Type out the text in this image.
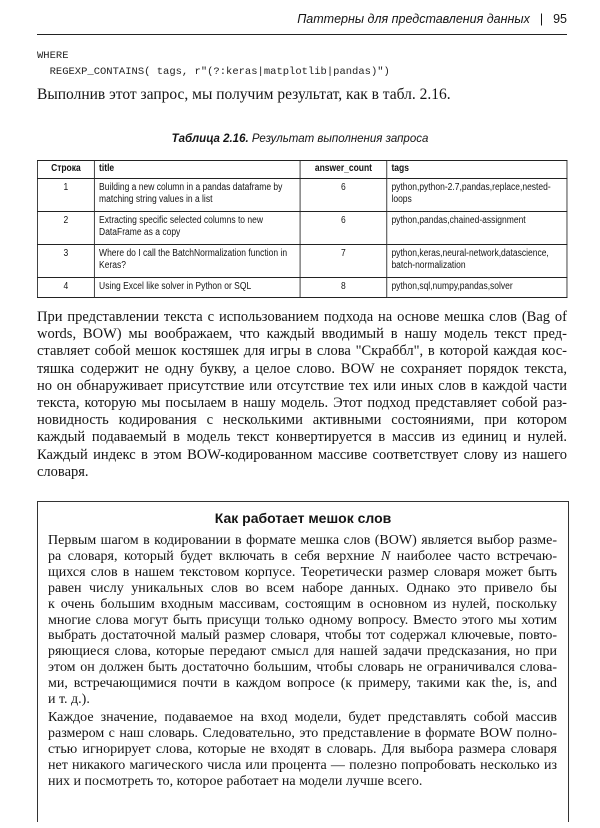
Паттерны для представления данных | 95
WHERE
REGEXP_CONTAINS( tags, r"(?:keras|matplotlib|pandas)")
Выполнив этот запрос, мы получим результат, как в табл. 2.16.
Таблица 2.16. Результат выполнения запроса
Строка	title	answer_count	tags
1	Building a new column in a pandas dataframe by matching string values in a list	6	python,python-2.7,pandas,replace,nested-loops
2	Extracting specific selected columns to new DataFrame as a copy	6	python,pandas,chained-assignment
3	Where do I call the BatchNormalization function in Keras?	7	python,keras,neural-network,datascience, batch-normalization
4	Using Excel like solver in Python or SQL	8	python,sql,numpy,pandas,solver
При представлении текста с использованием подхода на основе мешка слов (Bag of
words, BOW) мы воображаем, что каждый вводимый в нашу модель текст пред-
ставляет собой мешок костяшек для игры в слова "Скраббл", в которой каждая кос-
тяшка содержит не одну букву, а целое слово. BOW не сохраняет порядок текста,
но он обнаруживает присутствие или отсутствие тех или иных слов в каждой части
текста, которую мы посылаем в нашу модель. Этот подход представляет собой раз-
новидность кодирования с несколькими активными состояниями, при котором
каждый подаваемый в модель текст конвертируется в массив из единиц и нулей.
Каждый индекс в этом BOW-кодированном массиве соответствует слову из нашего
словаря.
Как работает мешок слов
Первым шагом в кодировании в формате мешка слов (BOW) является выбор разме-
ра словаря, который будет включать в себя верхние N наиболее часто встречаю-
щихся слов в нашем текстовом корпусе. Теоретически размер словаря может быть
равен числу уникальных слов во всем наборе данных. Однако это привело бы
к очень большим входным массивам, состоящим в основном из нулей, поскольку
многие слова могут быть присущи только одному вопросу. Вместо этого мы хотим
выбрать достаточной малый размер словаря, чтобы тот содержал ключевые, повто-
ряющиеся слова, которые передают смысл для нашей задачи предсказания, но при
этом он должен быть достаточно большим, чтобы словарь не ограничивался слова-
ми, встречающимися почти в каждом вопросе (к примеру, такими как the, is, and
и т. д.).
Каждое значение, подаваемое на вход модели, будет представлять собой массив
размером с наш словарь. Следовательно, это представление в формате BOW полно-
стью игнорирует слова, которые не входят в словарь. Для выбора размера словаря
нет никакого магического числа или процента — полезно попробовать несколько из
них и посмотреть то, которое работает на модели лучше всего.
